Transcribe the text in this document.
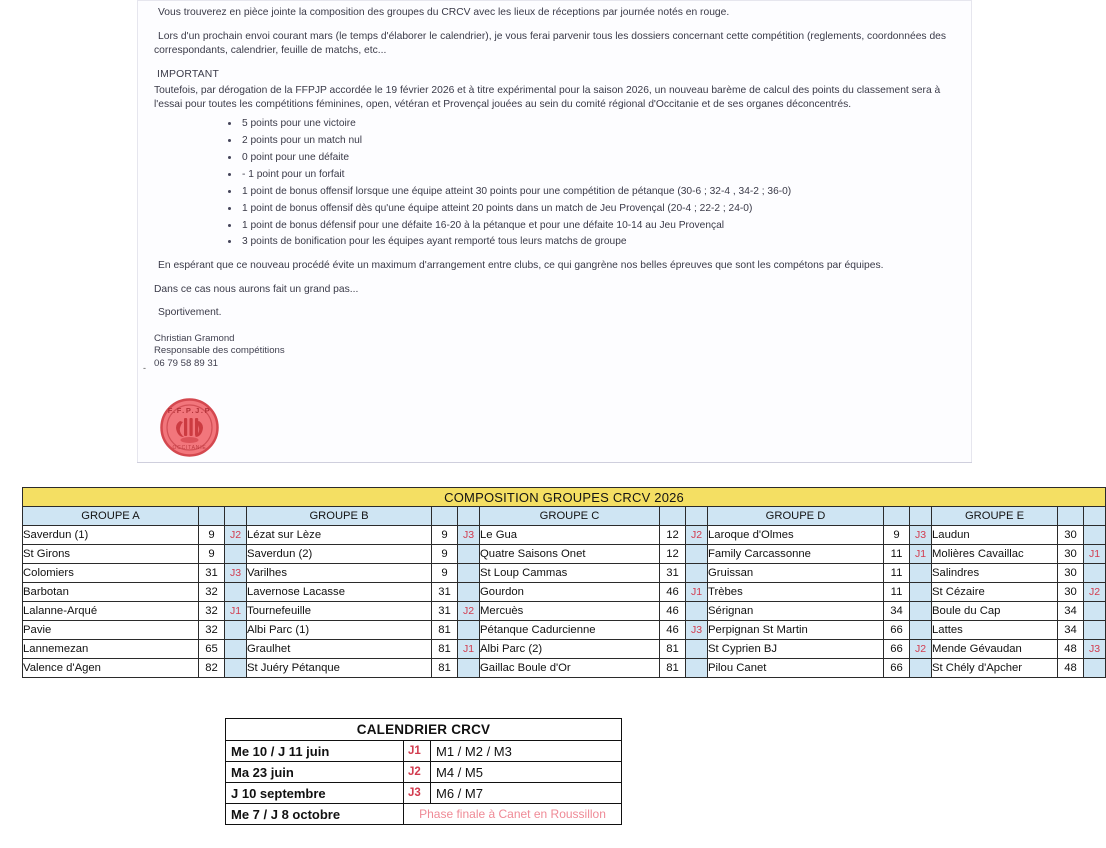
-

Vous trouverez en pièce jointe la composition des groupes du CRCV avec les lieux de réceptions par journée notés en rouge.

Lors d'un prochain envoi courant mars (le temps d'élaborer le calendrier), je vous ferai parvenir tous les dossiers concernant cette compétition (reglements, coordonnées des correspondants, calendrier, feuille de matchs, etc...

IMPORTANT

Toutefois, par dérogation de la FFPJP accordée le 19 février 2026 et à titre expérimental pour la saison 2026, un nouveau barème de calcul des points du classement sera à l'essai pour toutes les compétitions féminines, open, vétéran et Provençal jouées au sein du comité régional d'Occitanie et de ses organes déconcentrés.

5 points pour une victoire
2 points pour un match nul
0 point pour une défaite
- 1 point pour un forfait
1 point de bonus offensif lorsque une équipe atteint 30 points pour une compétition de pétanque (30-6 ; 32-4 , 34-2 ; 36-0)
1 point de bonus offensif dès qu'une équipe atteint 20 points dans un match de Jeu Provençal (20-4 ; 22-2 ; 24-0)
1 point de bonus défensif pour une défaite 16-20 à la pétanque et pour une défaite 10-14 au Jeu Provençal
3 points de bonification pour les équipes ayant remporté tous leurs matchs de groupe

En espérant que ce nouveau procédé évite un maximum d'arrangement entre clubs, ce qui gangrène nos belles épreuves que sont les compétons par équipes.

Dans ce cas nous aurons fait un grand pas...

Sportivement.

Christian Gramond
Responsable des compétitions
06 79 58 89 31
F.F.P.J.P
OCCITANIE
COMPOSITION GROUPES CRCV 2026														
GROUPE A			GROUPE B			GROUPE C			GROUPE D			GROUPE E		
Saverdun (1)	9	J2	Lézat sur Lèze	9	J3	Le Gua	12	J2	Laroque d'Olmes	9	J3	Laudun	30	
St Girons	9		Saverdun (2)	9		Quatre Saisons Onet	12		Family Carcassonne	11	J1	Molières Cavaillac	30	J1
Colomiers	31	J3	Varilhes	9		St Loup Cammas	31		Gruissan	11		Salindres	30	
Barbotan	32		Lavernose Lacasse	31		Gourdon	46	J1	Trèbes	11		St Cézaire	30	J2
Lalanne-Arqué	32	J1	Tournefeuille	31	J2	Mercuès	46		Sérignan	34		Boule du Cap	34	
Pavie	32		Albi Parc (1)	81		Pétanque Cadurcienne	46	J3	Perpignan St Martin	66		Lattes	34	
Lannemezan	65		Graulhet	81	J1	Albi Parc (2)	81		St Cyprien BJ	66	J2	Mende Gévaudan	48	J3
Valence d'Agen	82		St Juéry Pétanque	81		Gaillac Boule d'Or	81		Pilou Canet	66		St Chély d'Apcher	48	
CALENDRIER CRCV		
Me 10 / J 11 juin	J1	M1 / M2 / M3
Ma 23 juin	J2	M4 / M5
J 10 septembre	J3	M6 / M7
Me 7 / J 8 octobre	Phase finale à Canet en Roussillon	
